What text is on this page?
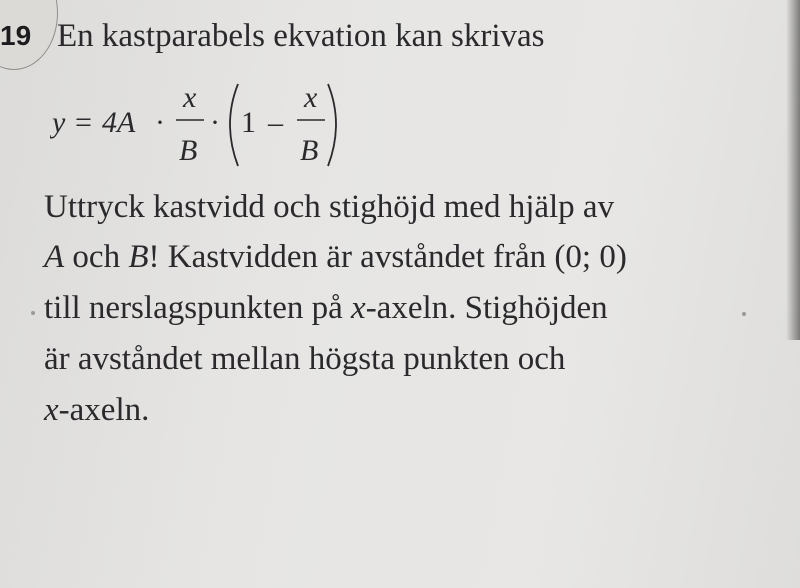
19 En kastparabels ekvation kan skrivas
y = 4A ·
x
B
· 1 –
x
B
Uttryck kastvidd och stighöjd med hjälp av
A och B! Kastvidden är avståndet från (0; 0)
till nerslagspunkten på x-axeln. Stighöjden
är avståndet mellan högsta punkten och
x-axeln.
